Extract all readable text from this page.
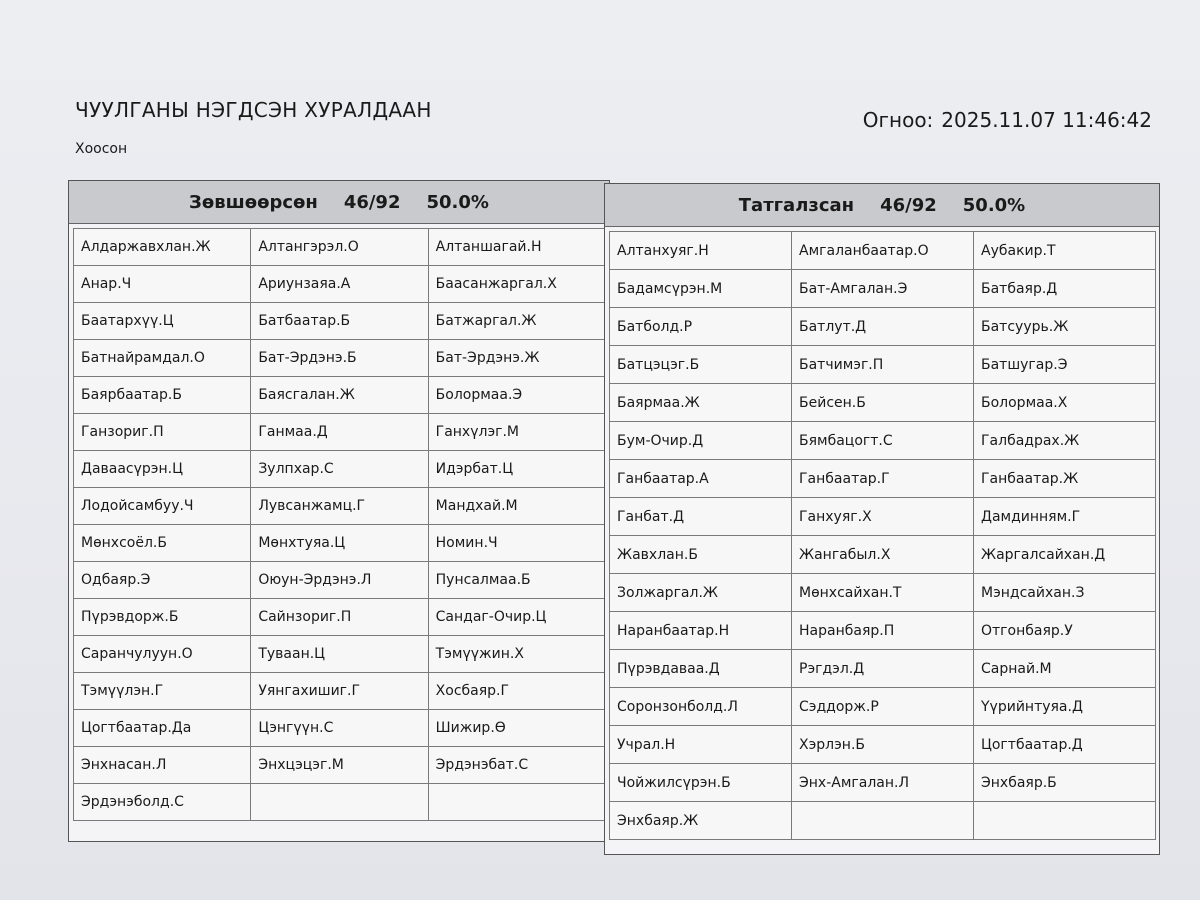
ЧУУЛГАНЫ НЭГДСЭН ХУРАЛДААН
Хоосон
Огноо: 2025.11.07 11:46:42
Зөвшөөрсөн 46/92 50.0%
Алдаржавхлан.Ж	Алтангэрэл.О	Алтаншагай.Н
Анар.Ч	Ариунзаяа.А	Баасанжаргал.Х
Баатархүү.Ц	Батбаатар.Б	Батжаргал.Ж
Батнайрамдал.О	Бат-Эрдэнэ.Б	Бат-Эрдэнэ.Ж
Баярбаатар.Б	Баясгалан.Ж	Болормаа.Э
Ганзориг.П	Ганмаа.Д	Ганхүлэг.М
Даваасүрэн.Ц	Зулпхар.С	Идэрбат.Ц
Лодойсамбуу.Ч	Лувсанжамц.Г	Мандхай.М
Мөнхсоёл.Б	Мөнхтуяа.Ц	Номин.Ч
Одбаяр.Э	Оюун-Эрдэнэ.Л	Пунсалмаа.Б
Пүрэвдорж.Б	Сайнзориг.П	Сандаг-Очир.Ц
Саранчулуун.О	Туваан.Ц	Тэмүүжин.Х
Тэмүүлэн.Г	Уянгахишиг.Г	Хосбаяр.Г
Цогтбаатар.Да	Цэнгүүн.С	Шижир.Ө
Энхнасан.Л	Энхцэцэг.М	Эрдэнэбат.С
Эрдэнэболд.С
Татгалзсан 46/92 50.0%
Алтанхуяг.Н	Амгаланбаатар.О	Аубакир.Т
Бадамсүрэн.М	Бат-Амгалан.Э	Батбаяр.Д
Батболд.Р	Батлут.Д	Батсуурь.Ж
Батцэцэг.Б	Батчимэг.П	Батшугар.Э
Баярмаа.Ж	Бейсен.Б	Болормаа.Х
Бум-Очир.Д	Бямбацогт.С	Галбадрах.Ж
Ганбаатар.А	Ганбаатар.Г	Ганбаатар.Ж
Ганбат.Д	Ганхуяг.Х	Дамдинням.Г
Жавхлан.Б	Жангабыл.Х	Жаргалсайхан.Д
Золжаргал.Ж	Мөнхсайхан.Т	Мэндсайхан.З
Наранбаатар.Н	Наранбаяр.П	Отгонбаяр.У
Пүрэвдаваа.Д	Рэгдэл.Д	Сарнай.М
Соронзонболд.Л	Сэддорж.Р	Үүрийнтуяа.Д
Учрал.Н	Хэрлэн.Б	Цогтбаатар.Д
Чойжилсүрэн.Б	Энх-Амгалан.Л	Энхбаяр.Б
Энхбаяр.Ж
